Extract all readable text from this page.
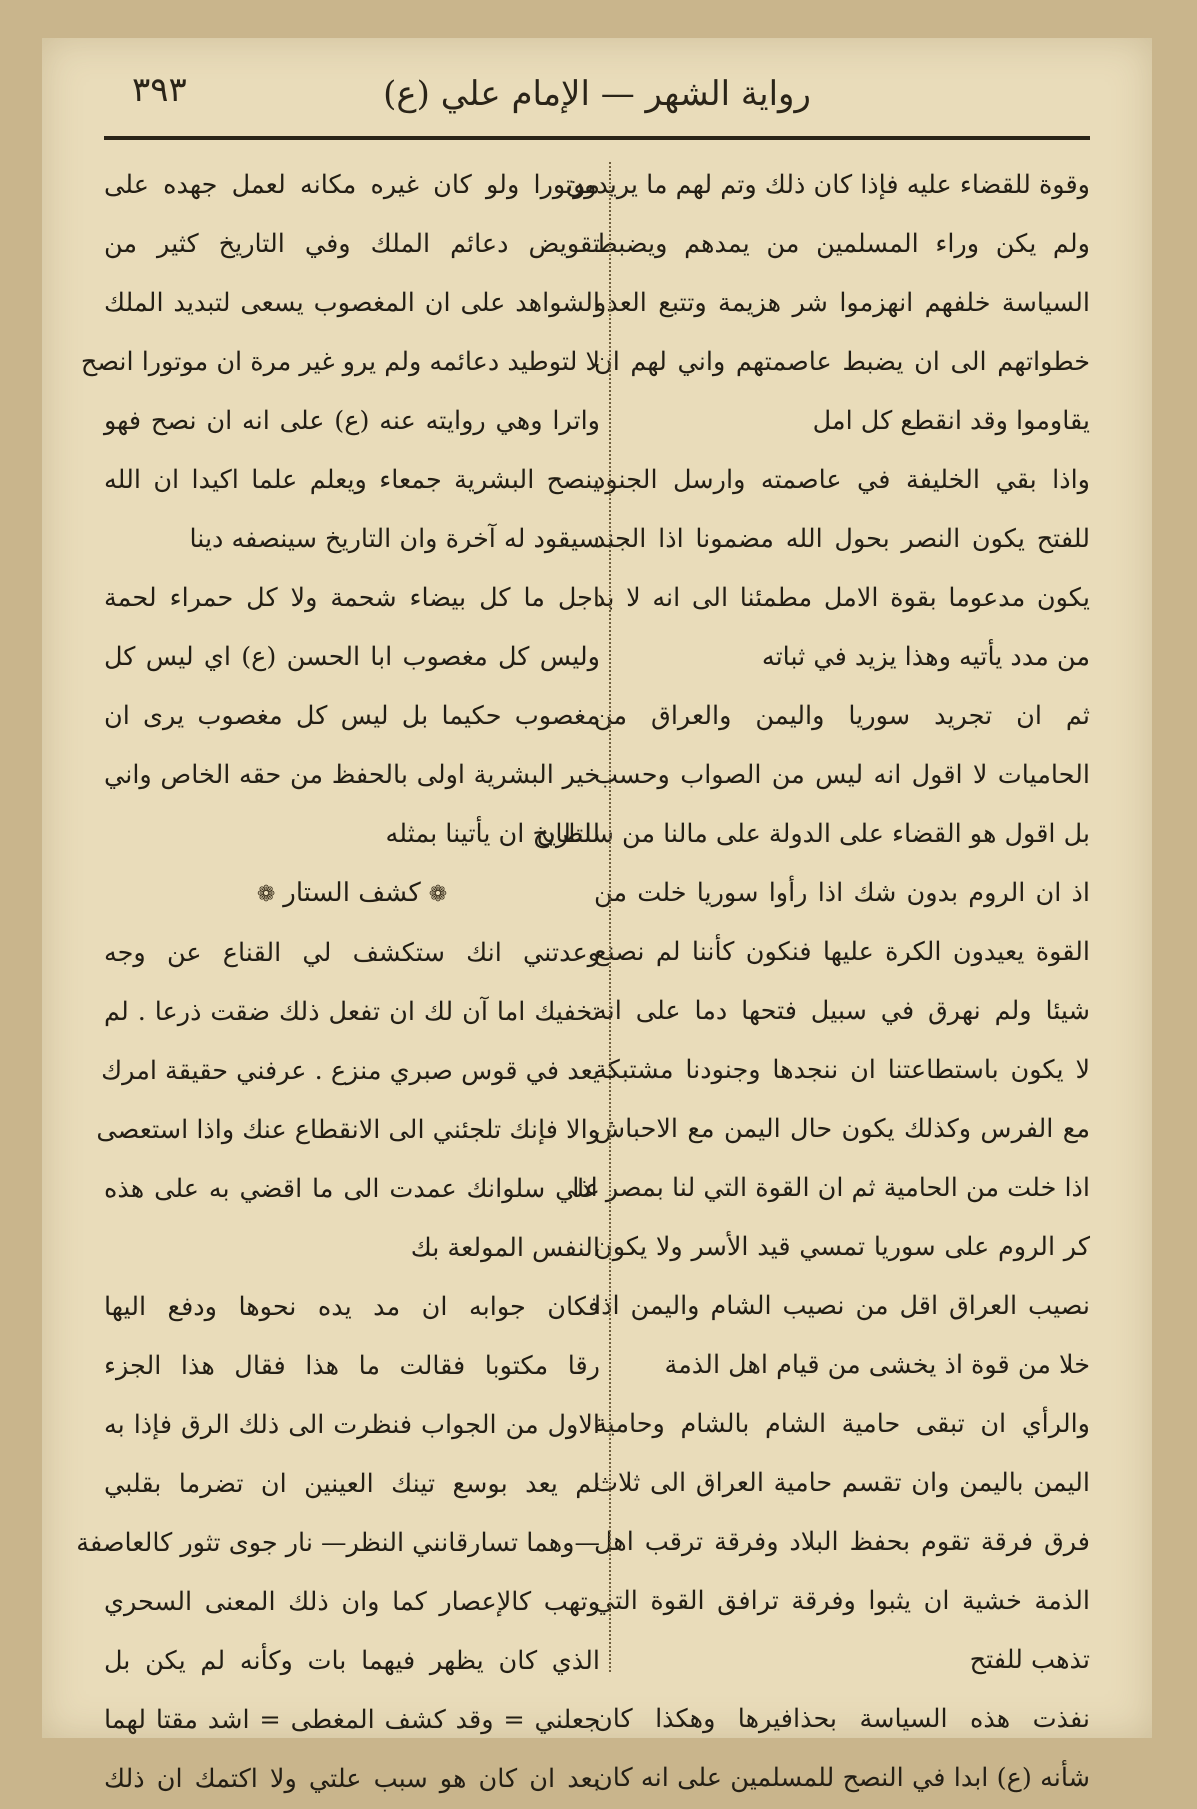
رواية الشهر — الإمام علي (ع)
٣٩٣
وقوة للقضاء عليه فإذا كان ذلك وتم لهم ما يريدون
ولم يكن وراء المسلمين من يمدهم ويضبط
السياسة خلفهم انهزموا شر هزيمة وتتبع العدو
خطواتهم الى ان يضبط عاصمتهم واني لهم ان
يقاوموا وقد انقطع كل امل
واذا بقي الخليفة في عاصمته وارسل الجنود
للفتح يكون النصر بحول الله مضمونا اذا الجند
يكون مدعوما بقوة الامل مطمئنا الى انه لا بد
من مدد يأتيه وهذا يزيد في ثباته
ثم ان تجريد سوريا واليمن والعراق من
الحاميات لا اقول انه ليس من الصواب وحسب
بل اقول هو القضاء على الدولة على مالنا من سلطان
اذ ان الروم بدون شك اذا رأوا سوريا خلت من
القوة يعيدون الكرة عليها فنكون كأننا لم نصنع
شيئا ولم نهرق في سبيل فتحها دما على انه
لا يكون باستطاعتنا ان ننجدها وجنودنا مشتبكة
مع الفرس وكذلك يكون حال اليمن مع الاحباش
اذا خلت من الحامية ثم ان القوة التي لنا بمصر اذا
كر الروم على سوريا تمسي قيد الأسر ولا يكون
نصيب العراق اقل من نصيب الشام واليمن اذا
خلا من قوة اذ يخشى من قيام اهل الذمة
والرأي ان تبقى حامية الشام بالشام وحامية
اليمن باليمن وان تقسم حامية العراق الى ثلاث
فرق فرقة تقوم بحفظ البلاد وفرقة ترقب اهل
الذمة خشية ان يثبوا وفرقة ترافق القوة التي
تذهب للفتح
نفذت هذه السياسة بحذافيرها وهكذا كان
شأنه (ع) ابدا في النصح للمسلمين على انه كان
موتورا ولو كان غيره مكانه لعمل جهده على
تقويض دعائم الملك وفي التاريخ كثير من
الشواهد على ان المغصوب يسعى لتبديد الملك
لا لتوطيد دعائمه ولم يرو غير مرة ان موتورا انصح
واترا وهي روايته عنه (ع) على انه ان نصح فهو
ينصح البشرية جمعاء ويعلم علما اكيدا ان الله
سيقود له آخرة وان التاريخ سينصفه دينا
اجل ما كل بيضاء شحمة ولا كل حمراء لحمة
وليس كل مغصوب ابا الحسن (ع) اي ليس كل
مغصوب حكيما بل ليس كل مغصوب يرى ان
خير البشرية اولى بالحفظ من حقه الخاص واني
للتاريخ ان يأتينا بمثله
❁كشف الستار❁
وعدتني انك ستكشف لي القناع عن وجه
تخفيك اما آن لك ان تفعل ذلك ضقت ذرعا . لم
يعد في قوس صبري منزع . عرفني حقيقة امرك
والا فإنك تلجئني الى الانقطاع عنك واذا استعصى
علي سلوانك عمدت الى ما اقضي به على هذه
النفس المولعة بك
فكان جوابه ان مد يده نحوها ودفع اليها
رقا مكتوبا فقالت ما هذا فقال هذا الجزء
الاول من الجواب فنظرت الى ذلك الرق فإذا به
لم يعد بوسع تينك العينين ان تضرما بقلبي
—وهما تسارقانني النظر— نار جوى تثور كالعاصفة
وتهب كالإعصار كما وان ذلك المعنى السحري
الذي كان يظهر فيهما بات وكأنه لم يكن بل
جعلني = وقد كشف المغطى = اشد مقتا لهما
بعد ان كان هو سبب علتي ولا اكتمك ان ذلك
